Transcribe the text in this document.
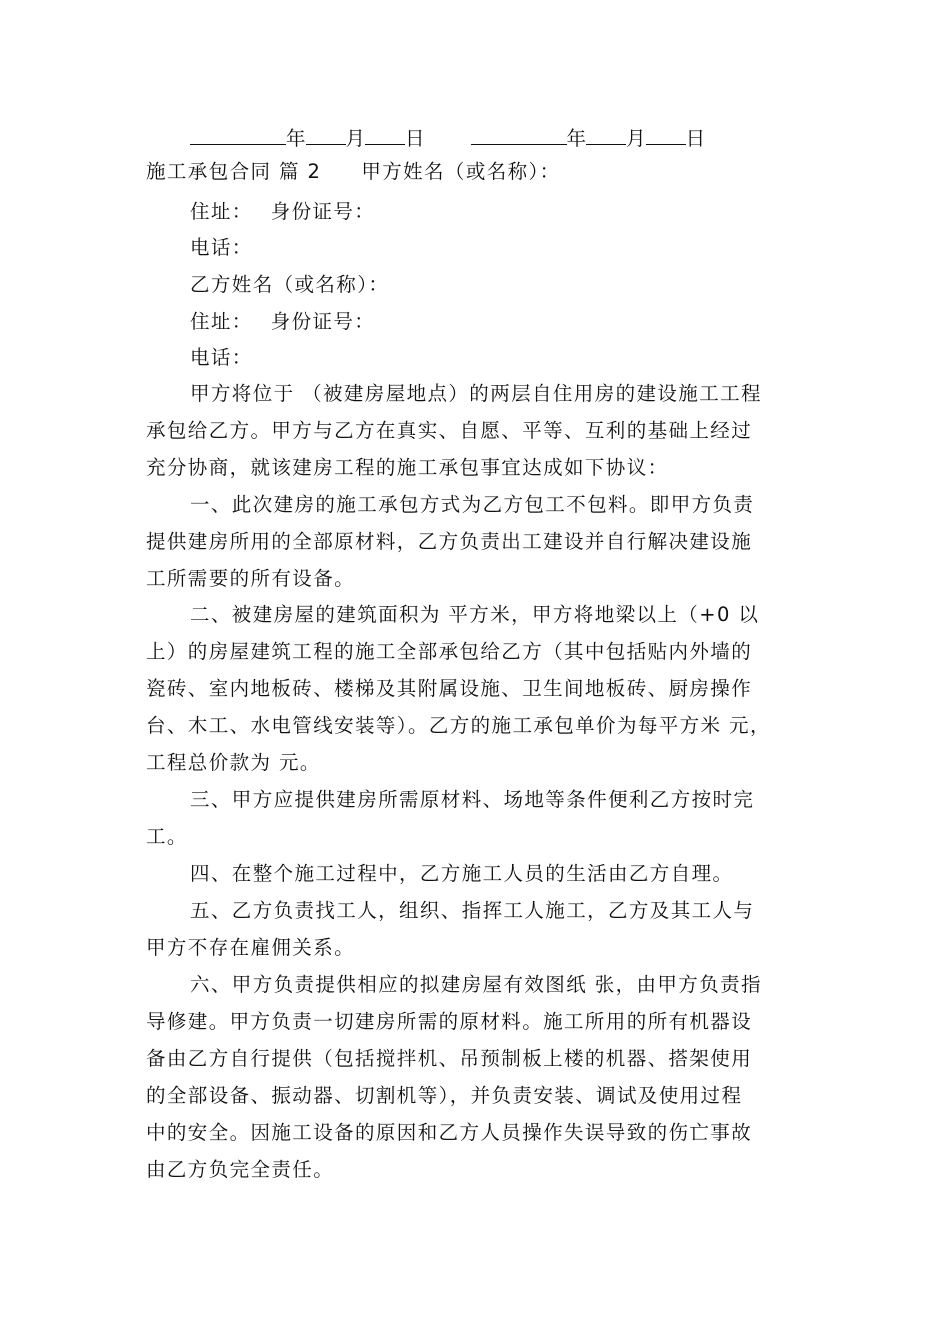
年 月 日	年 月 日
施工承包合同 篇 2 甲方姓名（或名称）：
住址： 身份证号：
电话：
乙方姓名（或名称）：
住址： 身份证号：
电话：
甲方将位于 （被建房屋地点）的两层自住用房的建设施工工程
承包给乙方。甲方与乙方在真实、自愿、平等、互利的基础上经过
充分协商，就该建房工程的施工承包事宜达成如下协议：
一、此次建房的施工承包方式为乙方包工不包料。即甲方负责
提供建房所用的全部原材料，乙方负责出工建设并自行解决建设施
工所需要的所有设备。
二、被建房屋的建筑面积为 平方米，甲方将地梁以上（+0 以
上）的房屋建筑工程的施工全部承包给乙方（其中包括贴内外墙的
瓷砖、室内地板砖、楼梯及其附属设施、卫生间地板砖、厨房操作
台、木工、水电管线安装等）。乙方的施工承包单价为每平方米 元，
工程总价款为 元。
三、甲方应提供建房所需原材料、场地等条件便利乙方按时完
工。
四、在整个施工过程中，乙方施工人员的生活由乙方自理。
五、乙方负责找工人，组织、指挥工人施工，乙方及其工人与
甲方不存在雇佣关系。
六、甲方负责提供相应的拟建房屋有效图纸 张，由甲方负责指
导修建。甲方负责一切建房所需的原材料。施工所用的所有机器设
备由乙方自行提供（包括搅拌机、吊预制板上楼的机器、搭架使用
的全部设备、振动器、切割机等），并负责安装、调试及使用过程
中的安全。因施工设备的原因和乙方人员操作失误导致的伤亡事故
由乙方负完全责任。
